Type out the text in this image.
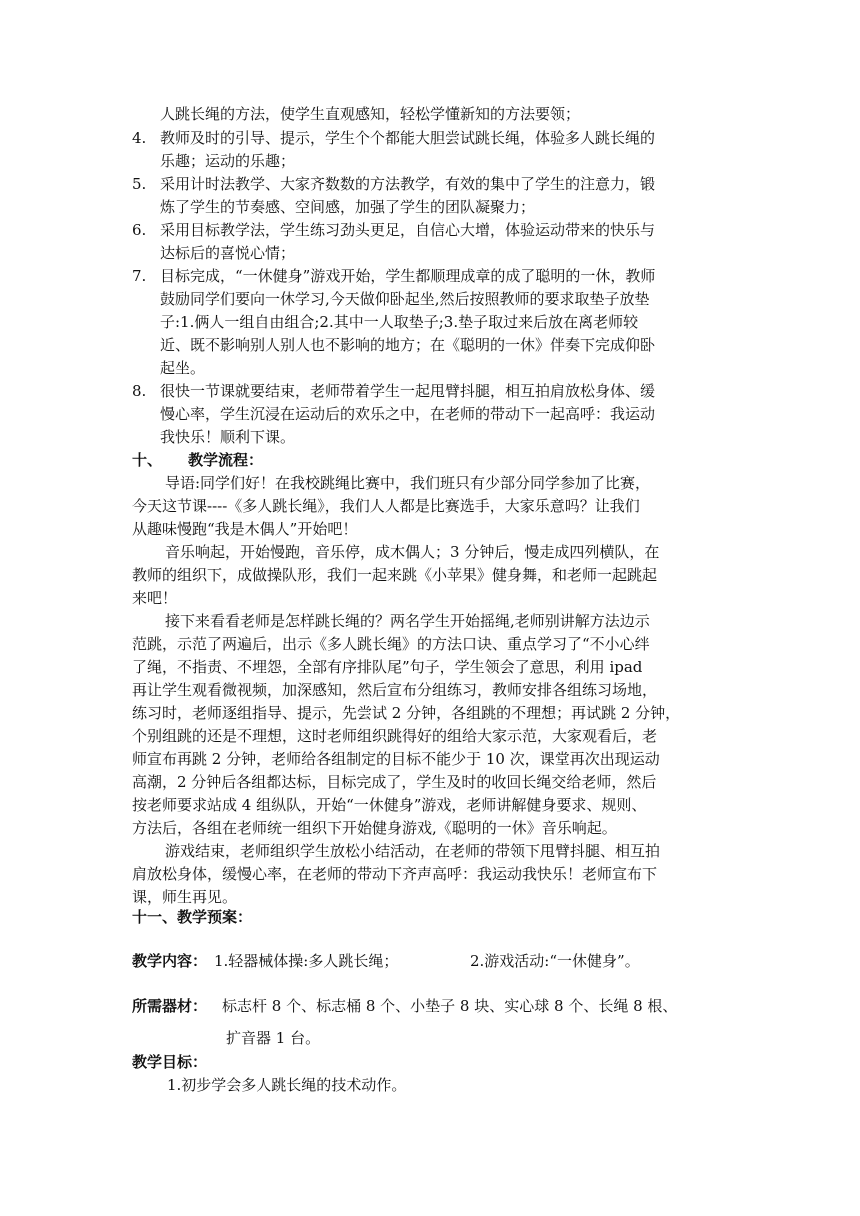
人跳长绳的方法，使学生直观感知，轻松学懂新知的方法要领；
4. 教师及时的引导、提示，学生个个都能大胆尝试跳长绳，体验多人跳长绳的
乐趣；运动的乐趣；
5. 采用计时法教学、大家齐数数的方法教学，有效的集中了学生的注意力，锻
炼了学生的节奏感、空间感，加强了学生的团队凝聚力；
6. 采用目标教学法，学生练习劲头更足，自信心大增，体验运动带来的快乐与
达标后的喜悦心情；
7. 目标完成，“一休健身”游戏开始，学生都顺理成章的成了聪明的一休，教师
鼓励同学们要向一休学习,今天做仰卧起坐,然后按照教师的要求取垫子放垫
子:1.俩人一组自由组合;2.其中一人取垫子;3.垫子取过来后放在离老师较
近、既不影响别人别人也不影响的地方；在《聪明的一休》伴奏下完成仰卧
起坐。
8. 很快一节课就要结束，老师带着学生一起甩臂抖腿，相互拍肩放松身体、缓
慢心率，学生沉浸在运动后的欢乐之中，在老师的带动下一起高呼：我运动
我快乐！顺利下课。
十、 教学流程：
导语:同学们好！在我校跳绳比赛中，我们班只有少部分同学参加了比赛，
今天这节课----《多人跳长绳》，我们人人都是比赛选手，大家乐意吗？让我们
从趣味慢跑“我是木偶人”开始吧！
音乐响起，开始慢跑，音乐停，成木偶人；3 分钟后，慢走成四列横队，在
教师的组织下，成做操队形，我们一起来跳《小苹果》健身舞，和老师一起跳起
来吧！
接下来看看老师是怎样跳长绳的？两名学生开始摇绳,老师别讲解方法边示
范跳，示范了两遍后，出示《多人跳长绳》的方法口诀、重点学习了“不小心绊
了绳，不指责、不埋怨，全部有序排队尾”句子，学生领会了意思，利用 ipad
再让学生观看微视频，加深感知，然后宣布分组练习，教师安排各组练习场地，
练习时，老师逐组指导、提示，先尝试 2 分钟，各组跳的不理想；再试跳 2 分钟，
个别组跳的还是不理想，这时老师组织跳得好的组给大家示范，大家观看后，老
师宣布再跳 2 分钟，老师给各组制定的目标不能少于 10 次，课堂再次出现运动
高潮，2 分钟后各组都达标，目标完成了，学生及时的收回长绳交给老师，然后
按老师要求站成 4 组纵队，开始“一休健身”游戏，老师讲解健身要求、规则、
方法后，各组在老师统一组织下开始健身游戏,《聪明的一休》音乐响起。
游戏结束，老师组织学生放松小结活动，在老师的带领下甩臂抖腿、相互拍
肩放松身体，缓慢心率，在老师的带动下齐声高呼：我运动我快乐！老师宣布下
课，师生再见。
十一、教学预案：
教学内容： 1.轻器械体操:多人跳长绳；	2.游戏活动:“一休健身”。
所需器材： 标志杆 8 个、标志桶 8 个、小垫子 8 块、实心球 8 个、长绳 8 根、
扩音器 1 台。
教学目标：
1.初步学会多人跳长绳的技术动作。
